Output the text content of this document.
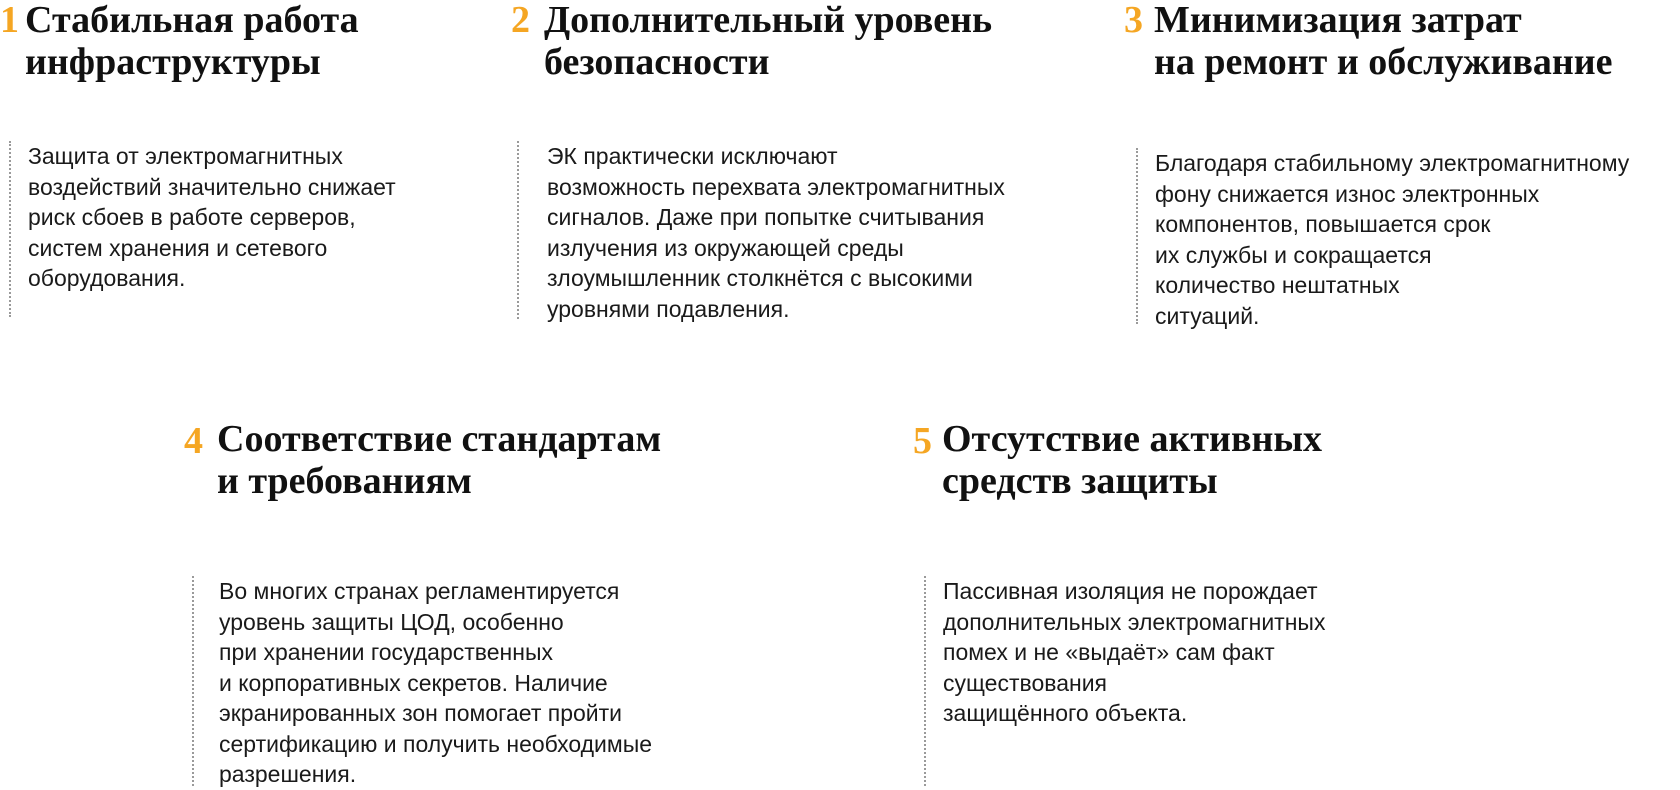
1 Стабильная работа
инфраструктуры
Защита от электромагнитных
воздействий значительно снижает
риск сбоев в работе серверов,
систем хранения и сетевого
оборудования.
2 Дополнительный уровень
безопасности
ЭК практически исключают
возможность перехвата электромагнитных
сигналов. Даже при попытке считывания
излучения из окружающей среды
злоумышленник столкнётся с высокими
уровнями подавления.
3 Минимизация затрат
на ремонт и обслуживание
Благодаря стабильному электромагнитному
фону снижается износ электронных
компонентов, повышается срок
их службы и сокращается
количество нештатных
ситуаций.
4 Соответствие стандартам
и требованиям
Во многих странах регламентируется
уровень защиты ЦОД, особенно
при хранении государственных
и корпоративных секретов. Наличие
экранированных зон помогает пройти
сертификацию и получить необходимые
разрешения.
5 Отсутствие активных
средств защиты
Пассивная изоляция не порождает
дополнительных электромагнитных
помех и не «выдаёт» сам факт
существования
защищённого объекта.
